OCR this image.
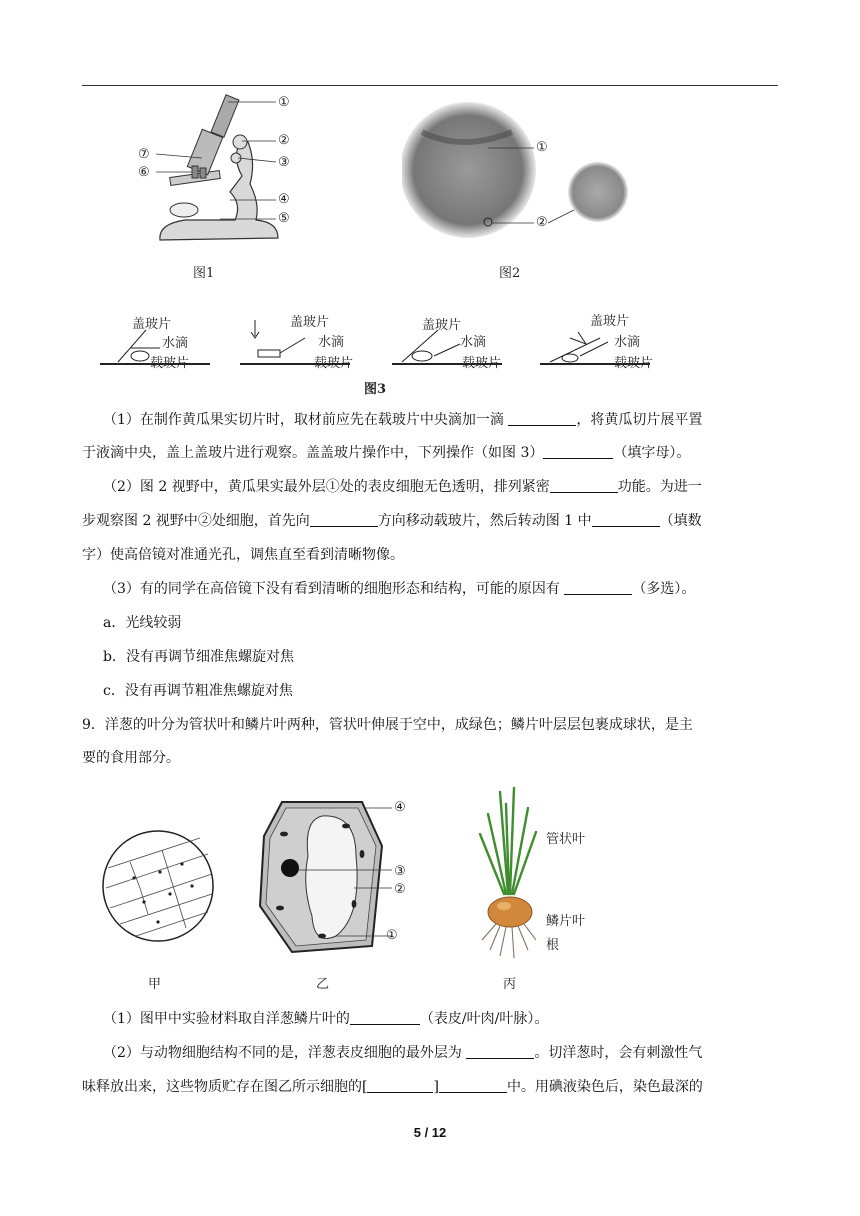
①
②
③
④
⑤
⑥
⑦
图1
①
②
图2
盖玻片
水滴
载玻片
盖玻片
水滴
载玻片
盖玻片
水滴
载玻片
盖玻片
水滴
载玻片
图3
（1）在制作黄瓜果实切片时，取材前应先在载玻片中央滴加一滴	，将黄瓜切片展平置
于液滴中央，盖上盖玻片进行观察。盖盖玻片操作中，下列操作（如图 3）	（填字母）。
（2）图 2 视野中，黄瓜果实最外层①处的表皮细胞无色透明，排列紧密	功能。为进一
步观察图 2 视野中②处细胞，首先向	方向移动载玻片，然后转动图 1 中	（填数
字）使高倍镜对准通光孔，调焦直至看到清晰物像。
（3）有的同学在高倍镜下没有看到清晰的细胞形态和结构，可能的原因有	（多选）。
a．光线较弱
b．没有再调节细准焦螺旋对焦
c．没有再调节粗准焦螺旋对焦
9．洋葱的叶分为管状叶和鳞片叶两种，管状叶伸展于空中，成绿色；鳞片叶层层包裹成球状，是主
要的食用部分。
甲
④
③
②
①
乙
管状叶
鳞片叶
根
丙
（1）图甲中实验材料取自洋葱鳞片叶的	（表皮/叶肉/叶脉）。
（2）与动物细胞结构不同的是，洋葱表皮细胞的最外层为	。切洋葱时，会有刺激性气
味释放出来，这些物质贮存在图乙所示细胞的[	]	中。用碘液染色后，染色最深的
5 / 12
